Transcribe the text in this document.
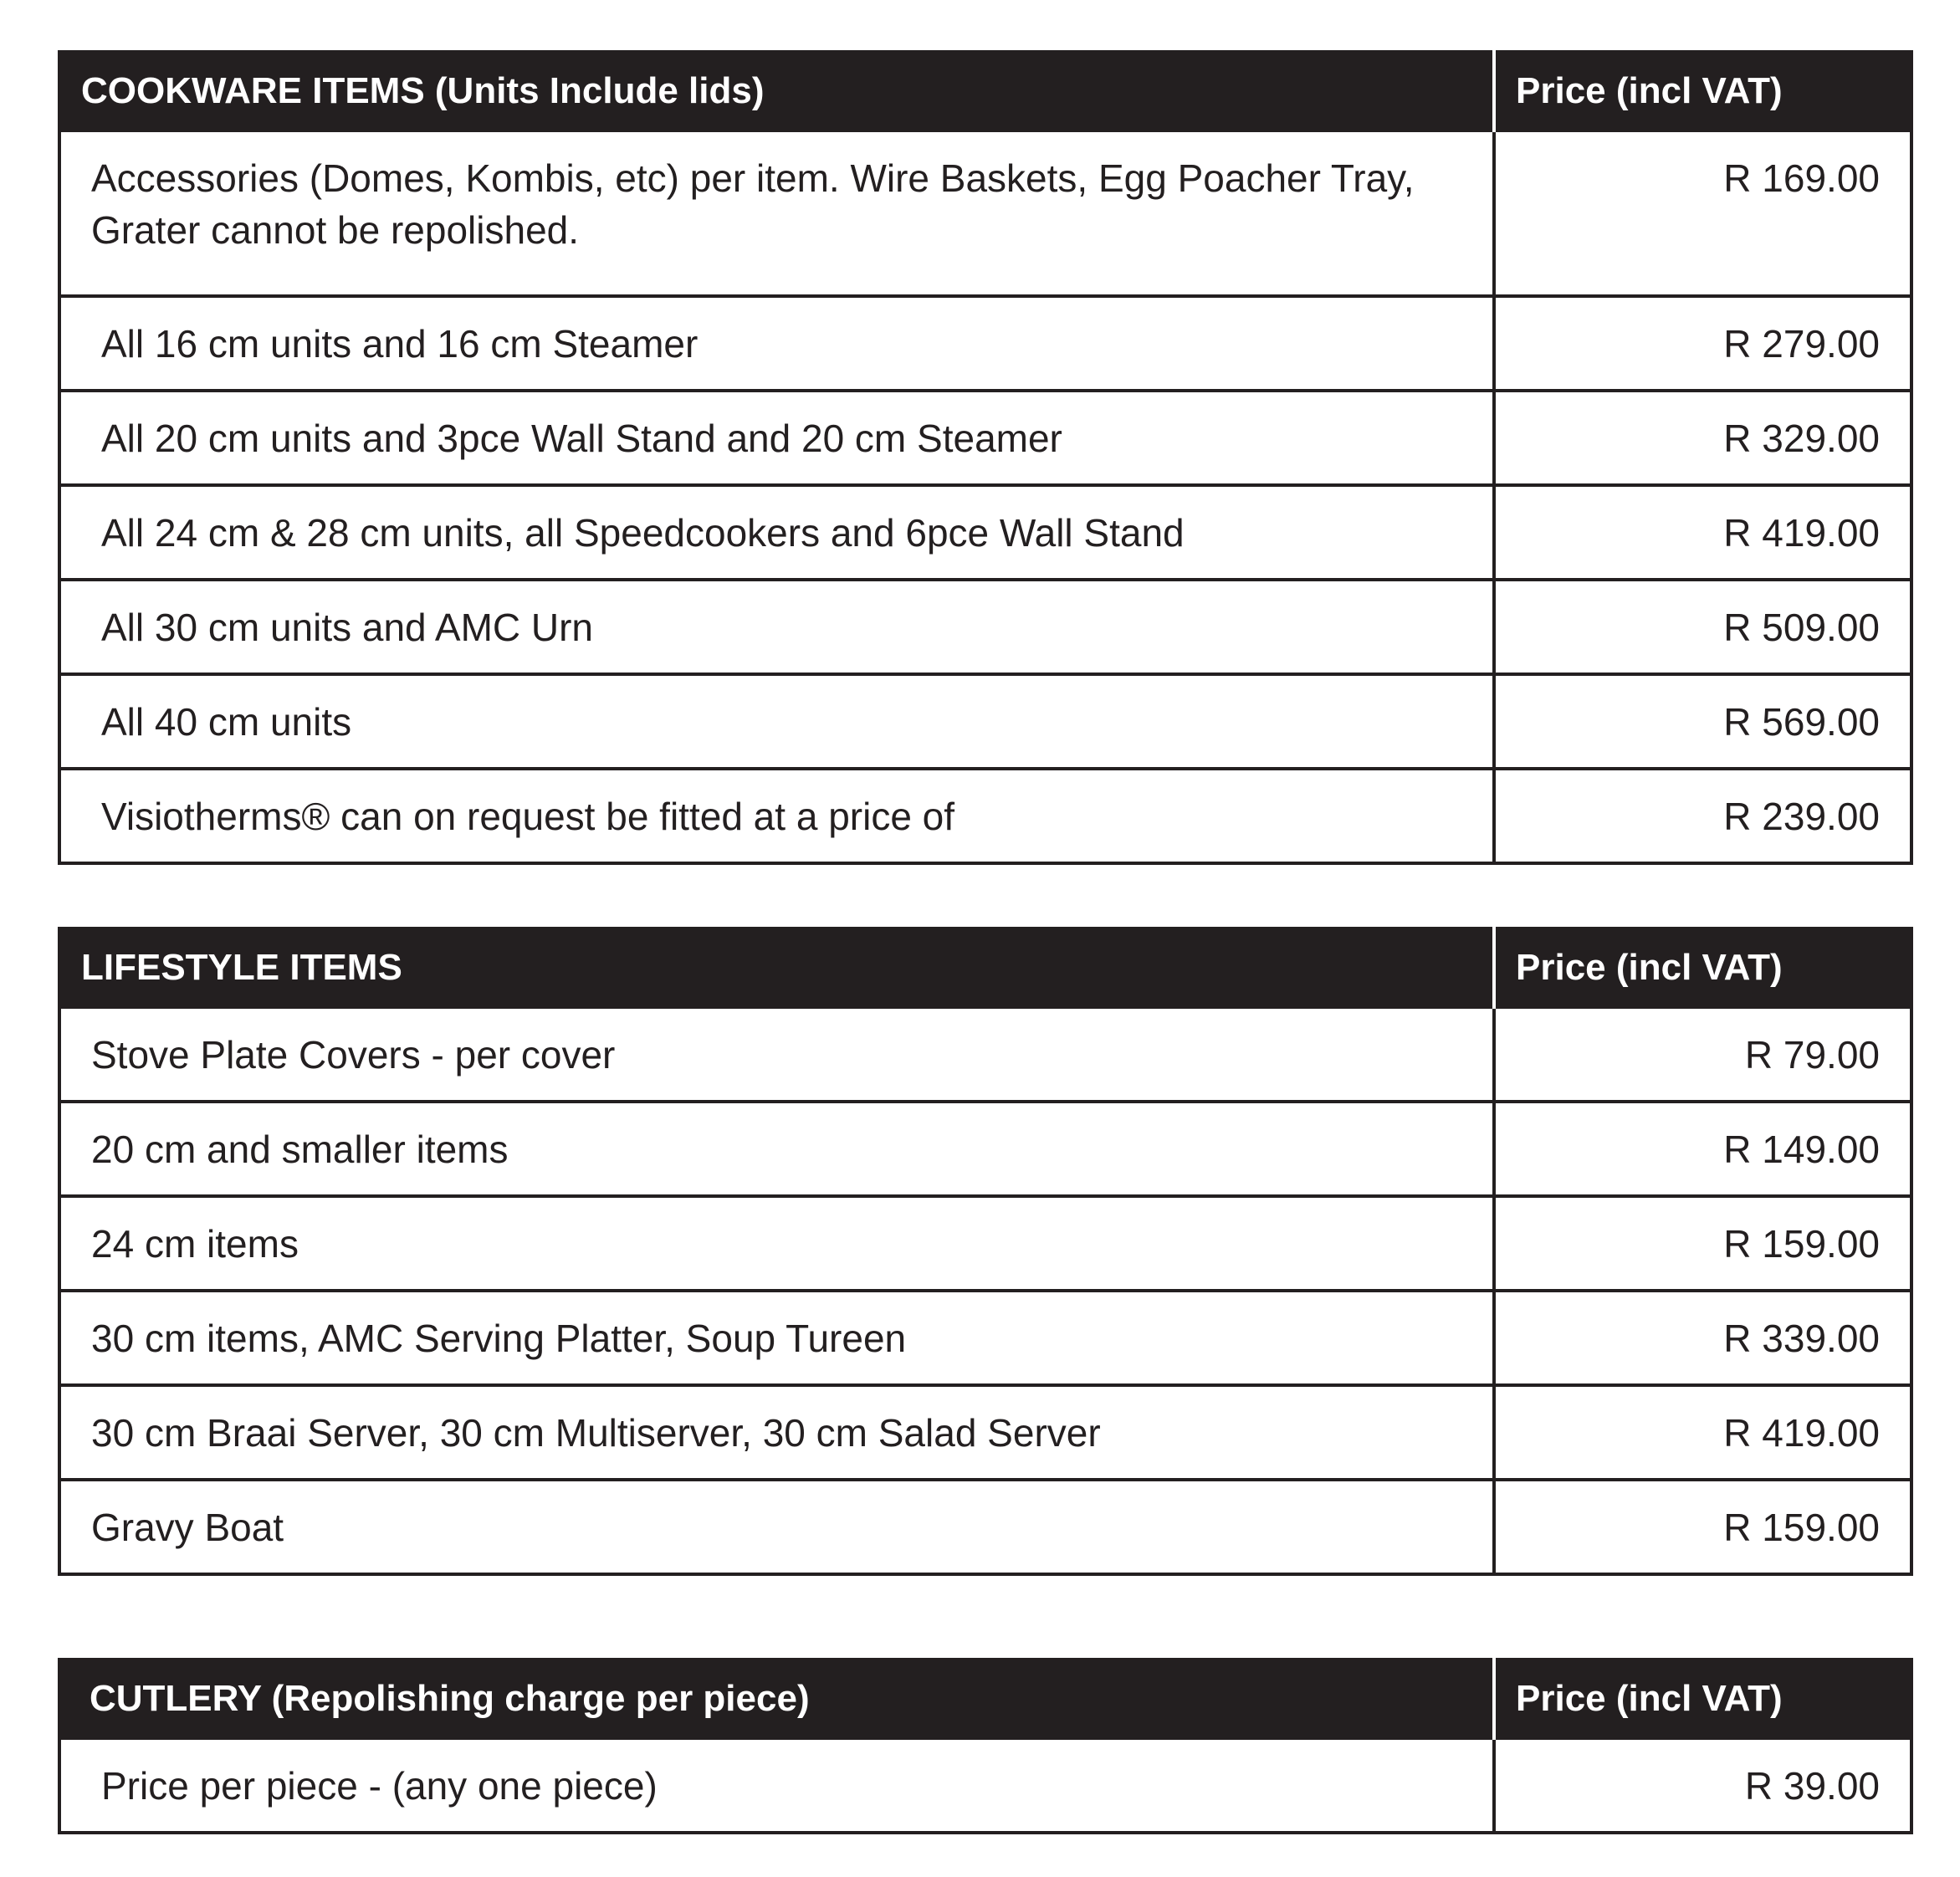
COOKWARE ITEMS (Units Include lids)	Price (incl VAT)
Accessories (Domes, Kombis, etc) per item. Wire Baskets, Egg Poacher Tray, Grater cannot be repolished.	R 169.00
All 16 cm units and 16 cm Steamer	R 279.00
All 20 cm units and 3pce Wall Stand and 20 cm Steamer	R 329.00
All 24 cm & 28 cm units, all Speedcookers and 6pce Wall Stand	R 419.00
All 30 cm units and AMC Urn	R 509.00
All 40 cm units	R 569.00
Visiotherms® can on request be fitted at a price of	R 239.00
LIFESTYLE ITEMS	Price (incl VAT)
Stove Plate Covers - per cover	R 79.00
20 cm and smaller items	R 149.00
24 cm items	R 159.00
30 cm items, AMC Serving Platter, Soup Tureen	R 339.00
30 cm Braai Server, 30 cm Multiserver, 30 cm Salad Server	R 419.00
Gravy Boat	R 159.00
CUTLERY (Repolishing charge per piece)	Price (incl VAT)
Price per piece - (any one piece)	R 39.00
